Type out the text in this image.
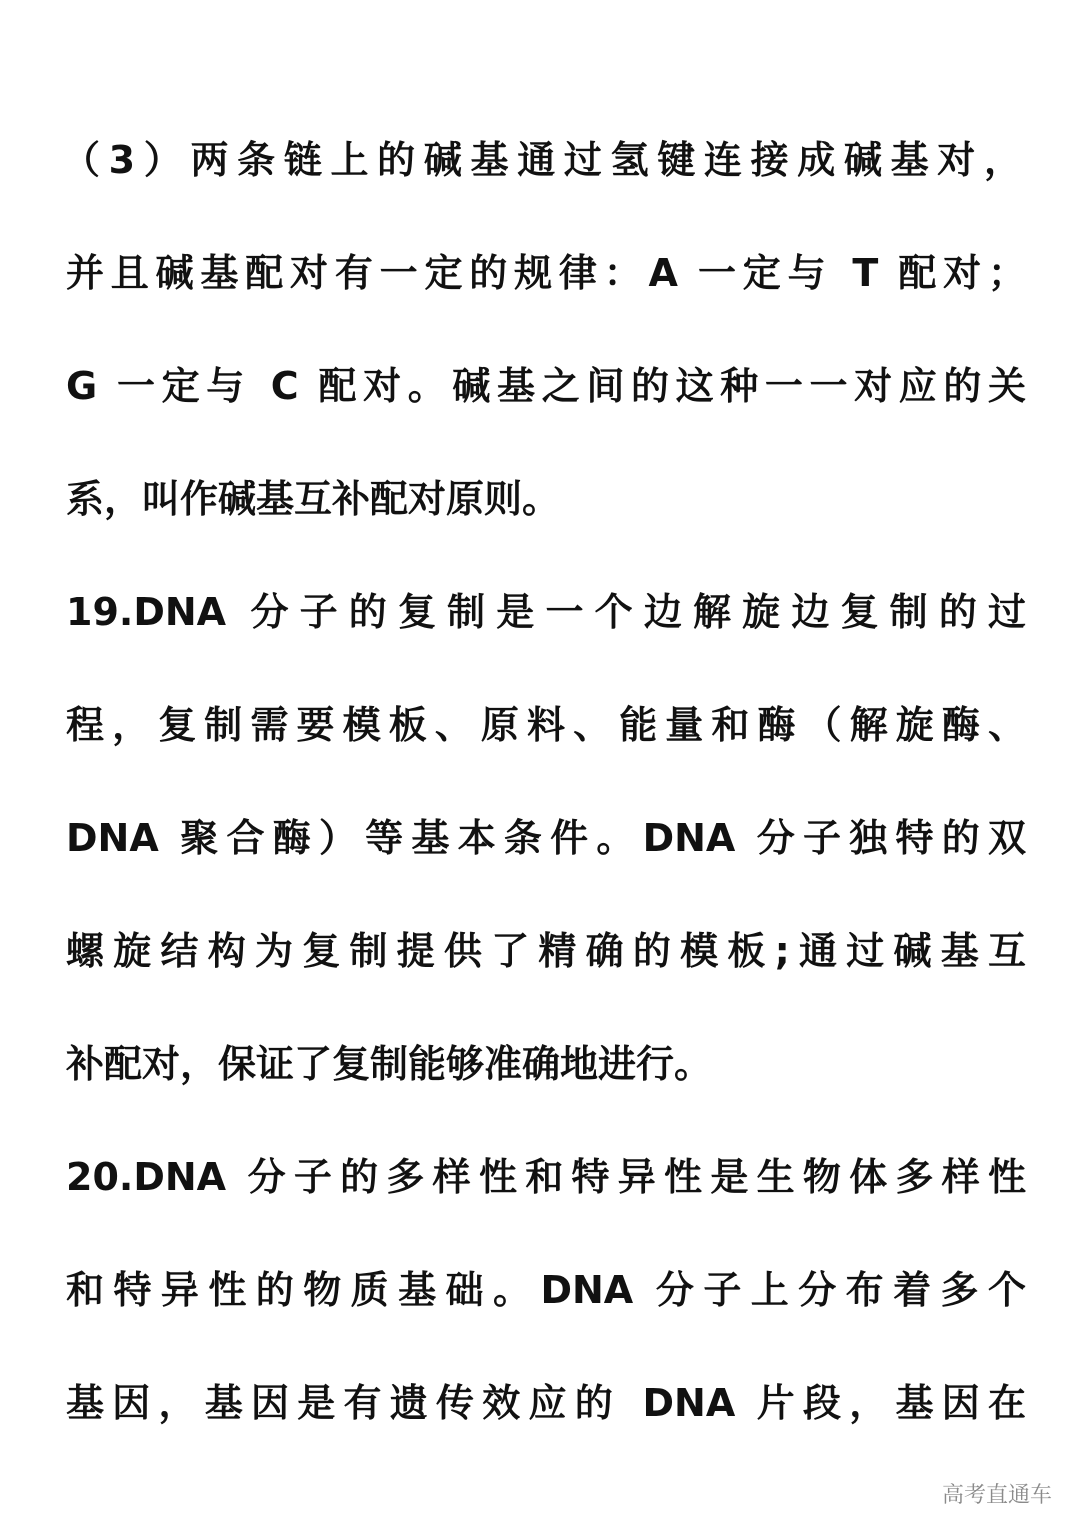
（3）两条链上的碱基通过氢键连接成碱基对，
并且碱基配对有一定的规律：A 一定与 T 配对；
G 一定与 C 配对。碱基之间的这种一一对应的关
系，叫作碱基互补配对原则。
19.DNA 分子的复制是一个边解旋边复制的过
程，复制需要模板、原料、能量和酶（解旋酶、
DNA 聚合酶）等基本条件。DNA 分子独特的双
螺旋结构为复制提供了精确的模板;通过碱基互
补配对，保证了复制能够准确地进行。
20.DNA 分子的多样性和特异性是生物体多样性
和特异性的物质基础。DNA 分子上分布着多个
基因，基因是有遗传效应的 DNA 片段，基因在
高考直通车
